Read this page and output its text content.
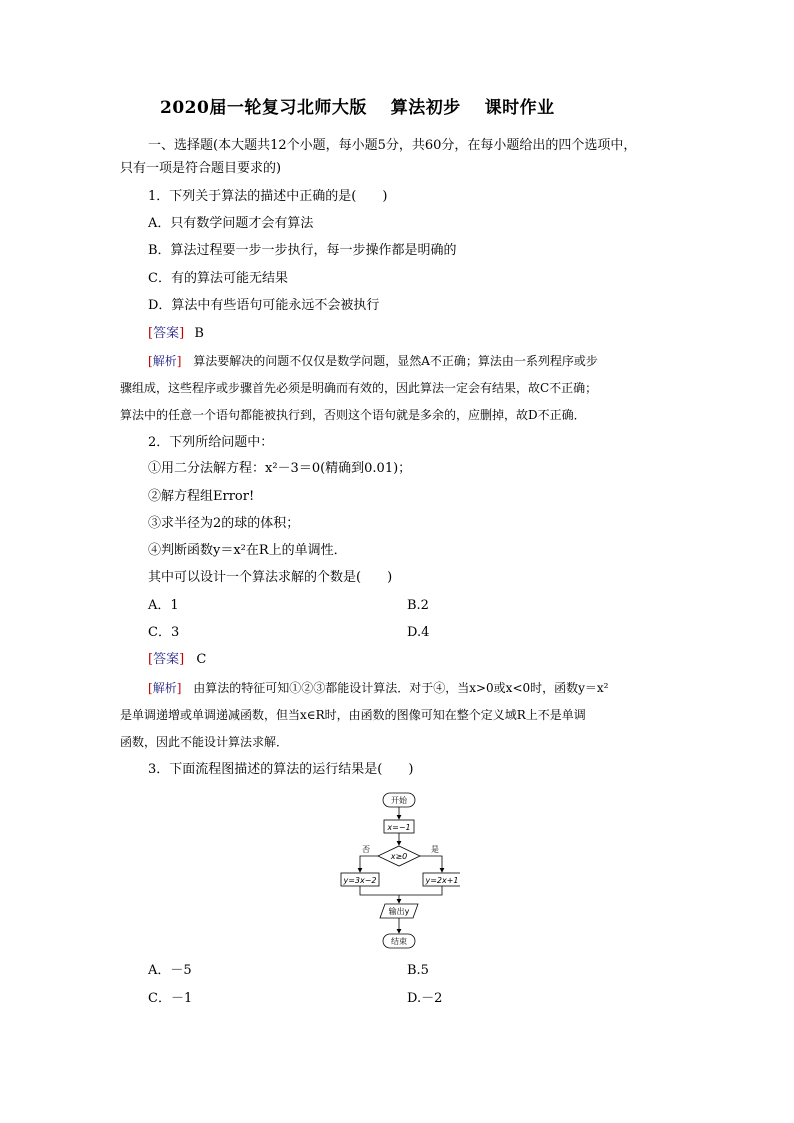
2020届一轮复习北师大版　 算法初步　 课时作业
一、选择题(本大题共12个小题，每小题5分，共60分，在每小题给出的四个选项中，
只有一项是符合题目要求的)
1．下列关于算法的描述中正确的是(　　)
A．只有数学问题才会有算法
B．算法过程要一步一步执行，每一步操作都是明确的
C．有的算法可能无结果
D．算法中有些语句可能永远不会被执行
[答案] B
[解析] 算法要解决的问题不仅仅是数学问题，显然A不正确；算法由一系列程序或步
骤组成，这些程序或步骤首先必须是明确而有效的，因此算法一定会有结果，故C不正确；
算法中的任意一个语句都能被执行到，否则这个语句就是多余的，应删掉，故D不正确．
2．下列所给问题中：
①用二分法解方程：x²－3＝0(精确到0.01)；
②解方程组Error!
③求半径为2的球的体积；
④判断函数y＝x²在R上的单调性．
其中可以设计一个算法求解的个数是(　　)
A．1	B.2
C．3	D.4
[答案] C
[解析] 由算法的特征可知①②③都能设计算法．对于④，当x>0或x<0时，函数y＝x²
是单调递增或单调递减函数，但当x∈R时，由函数的图像可知在整个定义域R上不是单调
函数，因此不能设计算法求解．
3．下面流程图描述的算法的运行结果是(　　)
开始
x=−1
x≥0
否	是
y=3x−2	y=2x+1
输出y
结束
A．－5	B.5
C．－1	D.－2
